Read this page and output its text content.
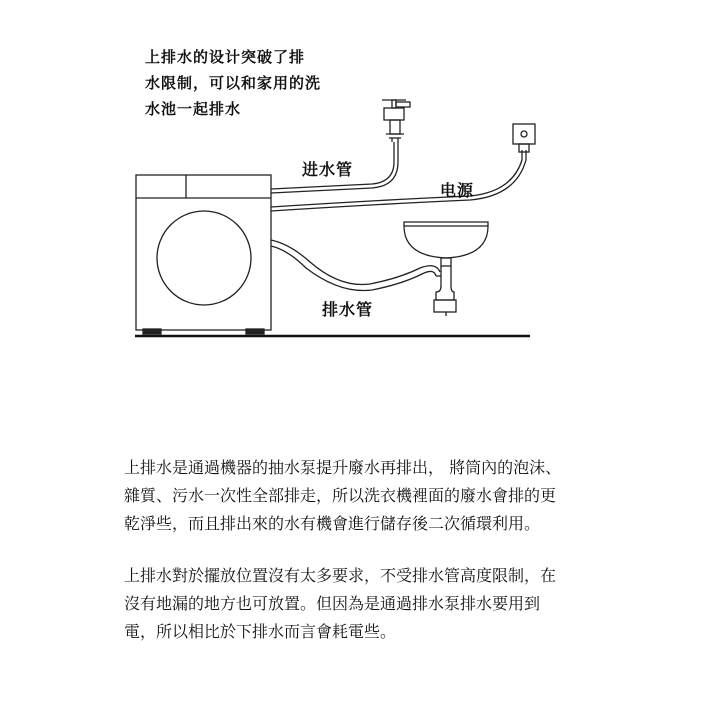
上排水的设计突破了排
水限制，可以和家用的洗
水池一起排水
进水管
电源
排水管

上排水是通過機器的抽水泵提升廢水再排出， 將筒內的泡沫、雜質、污水一次性全部排走，所以洗衣機裡面的廢水會排的更乾淨些，而且排出來的水有機會進行儲存後二次循環利用。

上排水對於擺放位置沒有太多要求，不受排水管高度限制，在沒有地漏的地方也可放置。但因為是通過排水泵排水要用到電，所以相比於下排水而言會耗電些。
